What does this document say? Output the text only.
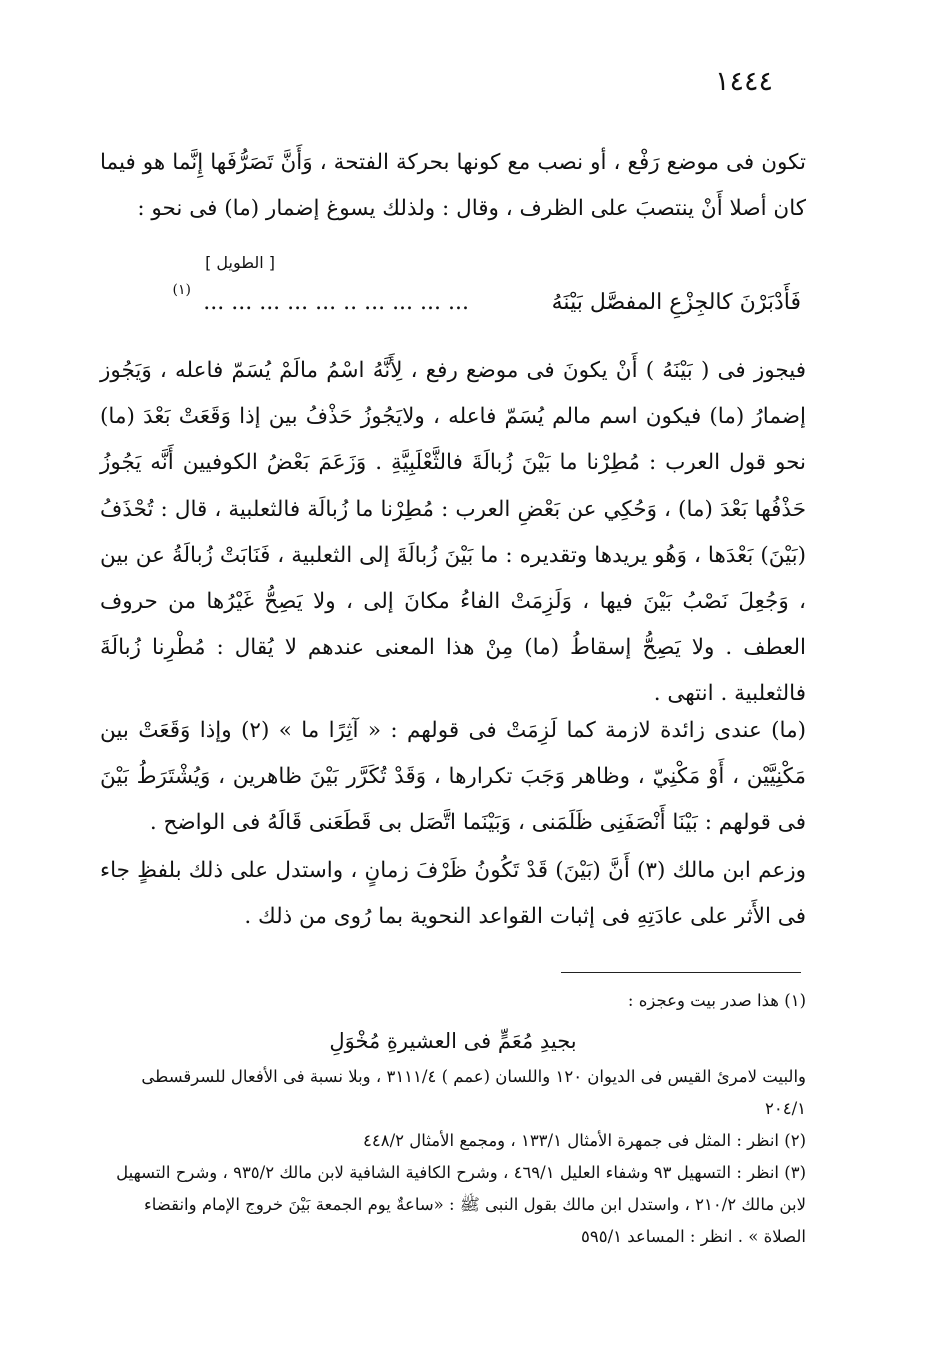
١٤٤٤

تكون فى موضع رَفْع ، أو نصب مع كونها بحركة الفتحة ، وَأَنَّ تَصَرُّفَها إِنَّما هو فيما كان أصلا أَنْ ينتصبَ على الظرف ، وقال : ولذلك يسوغ إضمار (ما) فى نحو :

[ الطويل ]
فَأَدْبَرْنَ كالجِزْعِ المفصَّل بَيْنَهُ
... ... ... ... .. ... ... ... ... ...
(١)

فيجوز فى ( بَيْنَهُ ) أَنْ يكونَ فى موضع رفع ، لِأَنَّهُ اسْمُ مالَمْ يُسَمّ فاعله ، وَيَجُوز إضمارُ (ما) فيكون اسم مالم يُسَمّ فاعله ، ولايَجُوزُ حَذْفُ بين إذا وَقَعَتْ بَعْدَ (ما) نحو قول العرب : مُطِرْنا ما بَيْنَ زُبالَةَ فالثَّعْلَبِيَّةِ . وَزَعَمَ بَعْضُ الكوفيين أَنَّه يَجُوزُ حَذْفُها بَعْدَ (ما) ، وَحُكِي عن بَعْضِ العرب : مُطِرْنا ما زُبالَة فالثعلبية ، قال : تُحْذَفُ (بَيْنَ) بَعْدَها ، وَهُو يريدها وتقديره : ما بَيْنَ زُبالَةَ إلى الثعلبية ، فَنَابَتْ زُبالَةُ عن بين ، وَجُعِلَ نَصْبُ بَيْنَ فيها ، وَلَزِمَتْ الفاءُ مكانَ إلى ، ولا يَصِحُّ غَيْرُها من حروف العطف . ولا يَصِحُّ إسقاطُ (ما) مِنْ هذا المعنى عندهم لا يُقال : مُطْرِنا زُبالَةَ فالثعلبية . انتهى .

(ما) عندى زائدة لازمة كما لَزِمَتْ فى قولهم : « آثِرًا ما » (٢) وإذا وَقَعَتْ بين مَكْنِيَّيْن ، أَوْ مَكْنِيّ ، وظاهر وَجَبَ تكرارها ، وَقَدْ تُكَرَّر بَيْنَ ظاهرين ، وَيُشْتَرَطُ بَيْنَ فى قولهم : بَيْنَا أَنْصَفَنِى ظَلَمَنى ، وَبَيْنَما اتَّصَل بى قَطَعَنى قَالَهُ فى الواضح .

وزعم ابن مالك (٣) أَنَّ (بَيْنَ) قَدْ تَكُونُ ظَرْفَ زمانٍ ، واستدل على ذلك بلفظٍ جاء فى الأَثر على عادَتِهِ فى إثبات القواعد النحوية بما رُوى من ذلك .

(١) هذا صدر بيت وعجزه :

بجيدِ مُعَمٍّ فى العشيرةِ مُخْوَلِ

والبيت لامرئ القيس فى الديوان ١٢٠ واللسان (عمم ) ٣١١١/٤ ، وبلا نسبة فى الأفعال للسرقسطى ٢٠٤/١

(٢) انظر : المثل فى جمهرة الأمثال ١٣٣/١ ، ومجمع الأمثال ٤٤٨/٢

(٣) انظر : التسهيل ٩٣ وشفاء العليل ٤٦٩/١ ، وشرح الكافية الشافية لابن مالك ٩٣٥/٢ ، وشرح التسهيل لابن مالك ٢١٠/٢ ، واستدل ابن مالك بقول النبى ﷺ : «ساعةٌ يوم الجمعة بَيْنَ خروج الإمام وانقضاء الصلاة » . انظر : المساعد ٥٩٥/١
